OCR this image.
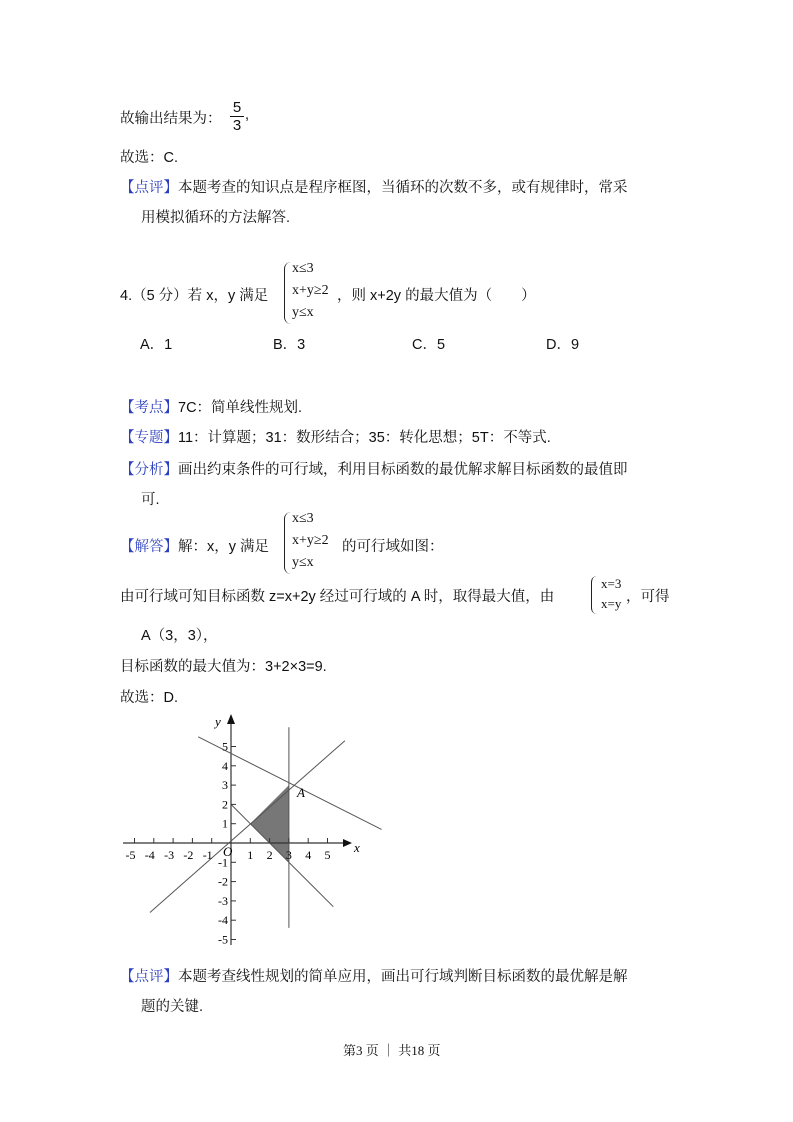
故输出结果为： $\frac{5}{3}$ ,
故选：C.
【点评】本题考查的知识点是程序框图，当循环的次数不多，或有规律时，常采
用模拟循环的方法解答.
4.（5 分）若 x，y 满足
x≤3
x+y≥2
y≤x
，则 x+2y 的最大值为（　　）
A．1	B．3	C．5	D．9
【考点】7C：简单线性规划.
【专题】11：计算题；31：数形结合；35：转化思想；5T：不等式.
【分析】画出约束条件的可行域，利用目标函数的最优解求解目标函数的最值即
可.
【解答】解：x，y 满足
x≤3
x+y≥2
y≤x
的可行域如图：
由可行域可知目标函数 z=x+2y 经过可行域的 A 时，取得最大值，由
x=3
x=y ，可得
A（3，3），
目标函数的最大值为：3+2×3=9.
故选：D.
-5 -4 -3 -2 -1	1 2 3 4 5
5
4
3
2
1
-1
-2
-3
-4
-5
x
y
O
A
【点评】本题考查线性规划的简单应用，画出可行域判断目标函数的最优解是解
题的关键.
第3 页 ｜ 共18 页
